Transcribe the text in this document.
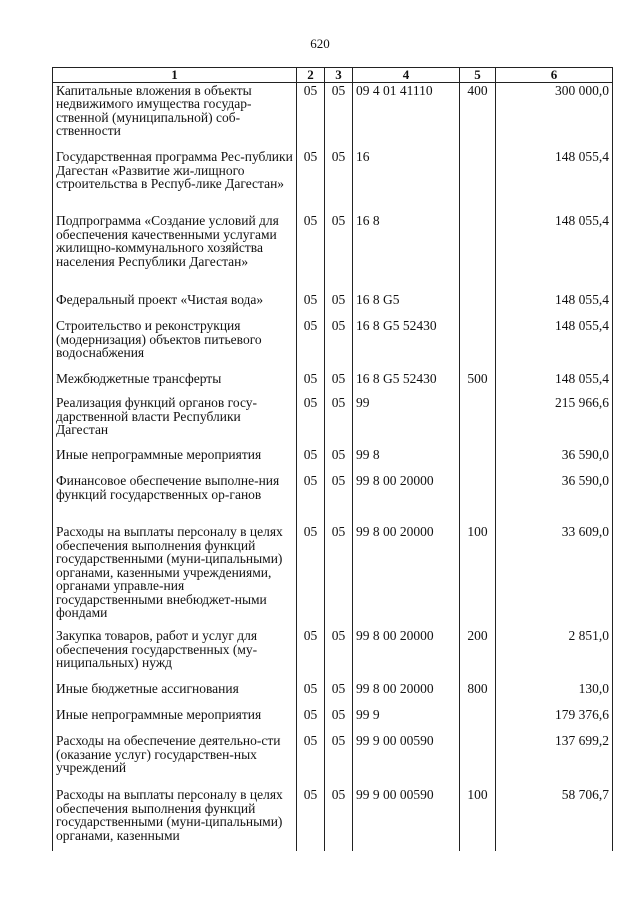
620
1	2	3	4	5	6
Капитальные вложения в объекты недвижимого имущества государ-ственной (муниципальной) соб-ственности	05	05	09 4 01 41110	400	300 000,0
Государственная программа Рес-публики Дагестан «Развитие жи-лищного строительства в Респуб-лике Дагестан»	05	05	16		148 055,4
Подпрограмма «Создание условий для обеспечения качественными услугами жилищно-коммунального хозяйства населения Республики Дагестан»	05	05	16 8		148 055,4
Федеральный проект «Чистая вода»	05	05	16 8 G5		148 055,4
Строительство и реконструкция (модернизация) объектов питьевого водоснабжения	05	05	16 8 G5 52430		148 055,4
Межбюджетные трансферты	05	05	16 8 G5 52430	500	148 055,4
Реализация функций органов госу-дарственной власти Республики Дагестан	05	05	99		215 966,6
Иные непрограммные мероприятия	05	05	99 8		36 590,0
Финансовое обеспечение выполне-ния функций государственных ор-ганов	05	05	99 8 00 20000		36 590,0
Расходы на выплаты персоналу в целях обеспечения выполнения функций государственными (муни-ципальными) органами, казенными учреждениями, органами управле-ния государственными внебюджет-ными фондами	05	05	99 8 00 20000	100	33 609,0
Закупка товаров, работ и услуг для обеспечения государственных (му-ниципальных) нужд	05	05	99 8 00 20000	200	2 851,0
Иные бюджетные ассигнования	05	05	99 8 00 20000	800	130,0
Иные непрограммные мероприятия	05	05	99 9		179 376,6
Расходы на обеспечение деятельно-сти (оказание услуг) государствен-ных учреждений	05	05	99 9 00 00590		137 699,2
Расходы на выплаты персоналу в целях обеспечения выполнения функций государственными (муни-ципальными) органами, казенными	05	05	99 9 00 00590	100	58 706,7
